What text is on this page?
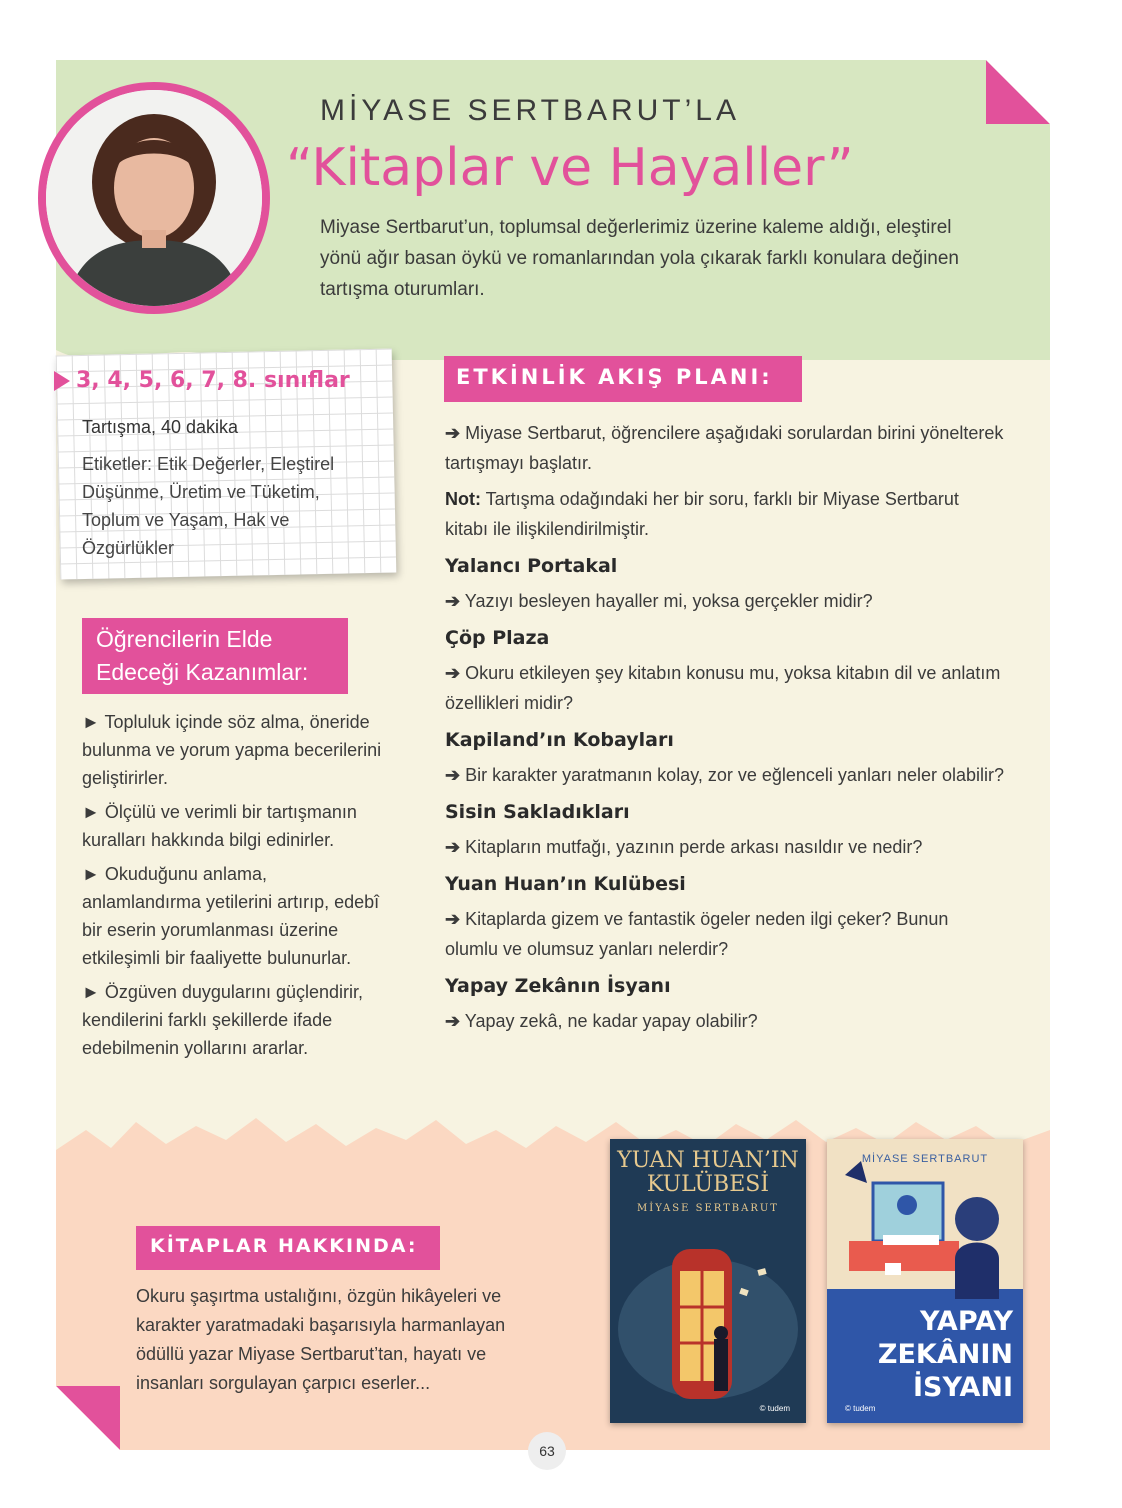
MİYASE SERTBARUT’LA
“Kitaplar ve Hayaller”
Miyase Sertbarut’un, toplumsal değerlerimiz üzerine kaleme aldığı, eleştirel yönü ağır basan öykü ve romanlarından yola çıkarak farklı konulara değinen tartışma oturumları.
3, 4, 5, 6, 7, 8. sınıflar
Tartışma, 40 dakika
Etiketler: Etik Değerler, Eleştirel Düşünme, Üretim ve Tüketim, Toplum ve Yaşam, Hak ve Özgürlükler
Öğrencilerin Elde Edeceği Kazanımlar:

► Topluluk içinde söz alma, öneride bulunma ve yorum yapma becerilerini geliştirirler.

► Ölçülü ve verimli bir tartışmanın kuralları hakkında bilgi edinirler.

► Okuduğunu anlama, anlamlandırma yetilerini artırıp, edebî bir eserin yorumlanması üzerine etkileşimli bir faaliyette bulunurlar.

► Özgüven duygularını güçlendirir, kendilerini farklı şekillerde ifade edebilmenin yollarını ararlar.

ETKİNLİK AKIŞ PLANI:

➔ Miyase Sertbarut, öğrencilere aşağıdaki sorulardan birini yönelterek tartışmayı başlatır.

Not: Tartışma odağındaki her bir soru, farklı bir Miyase Sertbarut kitabı ile ilişkilendirilmiştir.

Yalancı Portakal

➔ Yazıyı besleyen hayaller mi, yoksa gerçekler midir?

Çöp Plaza

➔ Okuru etkileyen şey kitabın konusu mu, yoksa kitabın dil ve anlatım özellikleri midir?

Kapiland’ın Kobayları

➔ Bir karakter yaratmanın kolay, zor ve eğlenceli yanları neler olabilir?

Sisin Sakladıkları

➔ Kitapların mutfağı, yazının perde arkası nasıldır ve nedir?

Yuan Huan’ın Kulübesi

➔ Kitaplarda gizem ve fantastik ögeler neden ilgi çeker? Bunun olumlu ve olumsuz yanları nelerdir?

Yapay Zekânın İsyanı

➔ Yapay zekâ, ne kadar yapay olabilir?

KİTAPLAR HAKKINDA:
Okuru şaşırtma ustalığını, özgün hikâyeleri ve karakter yaratmadaki başarısıyla harmanlayan ödüllü yazar Miyase Sertbarut’tan, hayatı ve insanları sorgulayan çarpıcı eserler...
YUAN HUAN’IN KULÜBESİ
MİYASE SERTBARUT
© tudem
MİYASE SERTBARUT
YAPAY ZEKÂNIN İSYANI
© tudem
63
